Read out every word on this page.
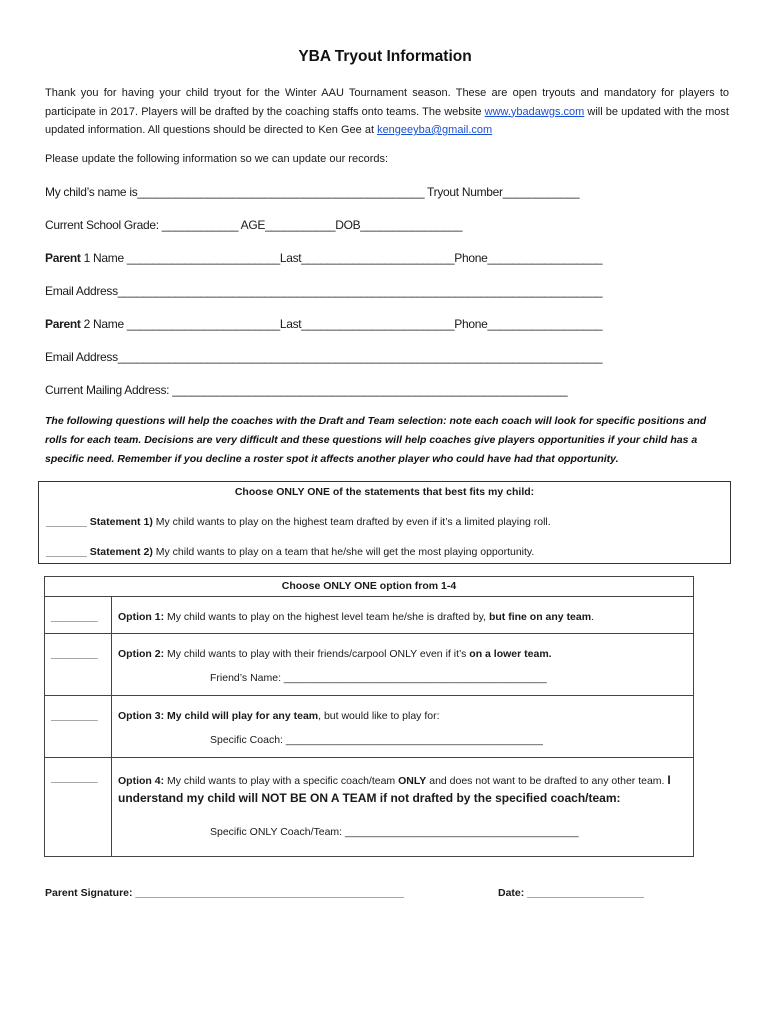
YBA Tryout Information
Thank you for having your child tryout for the Winter AAU Tournament season. These are open tryouts and mandatory for players to participate in 2017. Players will be drafted by the coaching staffs onto teams. The website www.ybadawgs.com will be updated with the most updated information. All questions should be directed to Ken Gee at kengeeyba@gmail.com
Please update the following information so we can update our records:
My child’s name is_____________________________________________ Tryout Number____________
Current School Grade: ____________ AGE___________DOB________________
Parent 1 Name ________________________Last________________________Phone__________________
Email Address____________________________________________________________________________
Parent 2 Name ________________________Last________________________Phone__________________
Email Address____________________________________________________________________________
Current Mailing Address: ______________________________________________________________
The following questions will help the coaches with the Draft and Team selection: note each coach will look for specific positions and rolls for each team. Decisions are very difficult and these questions will help coaches give players opportunities if your child has a specific need. Remember if you decline a roster spot it affects another player who could have had that opportunity.
Choose ONLY ONE of the statements that best fits my child:
_______ Statement 1) My child wants to play on the highest team drafted by even if it’s a limited playing roll.
_______ Statement 2) My child wants to play on a team that he/she will get the most playing opportunity.
Choose ONLY ONE option from 1-4	
________	Option 1: My child wants to play on the highest level team he/she is drafted by, but fine on any team.
________	Option 2: My child wants to play with their friends/carpool ONLY even if it’s on a lower team.
Friend’s Name: _____________________________________________

________	Option 3: My child will play for any team, but would like to play for:
Specific Coach: ____________________________________________

________	Option 4: My child wants to play with a specific coach/team ONLY and does not want to be drafted to any other team. I understand my child will NOT BE ON A TEAM if not drafted by the specified coach/team:
Specific ONLY Coach/Team: ________________________________________
Parent Signature: ______________________________________________	Date: ____________________
